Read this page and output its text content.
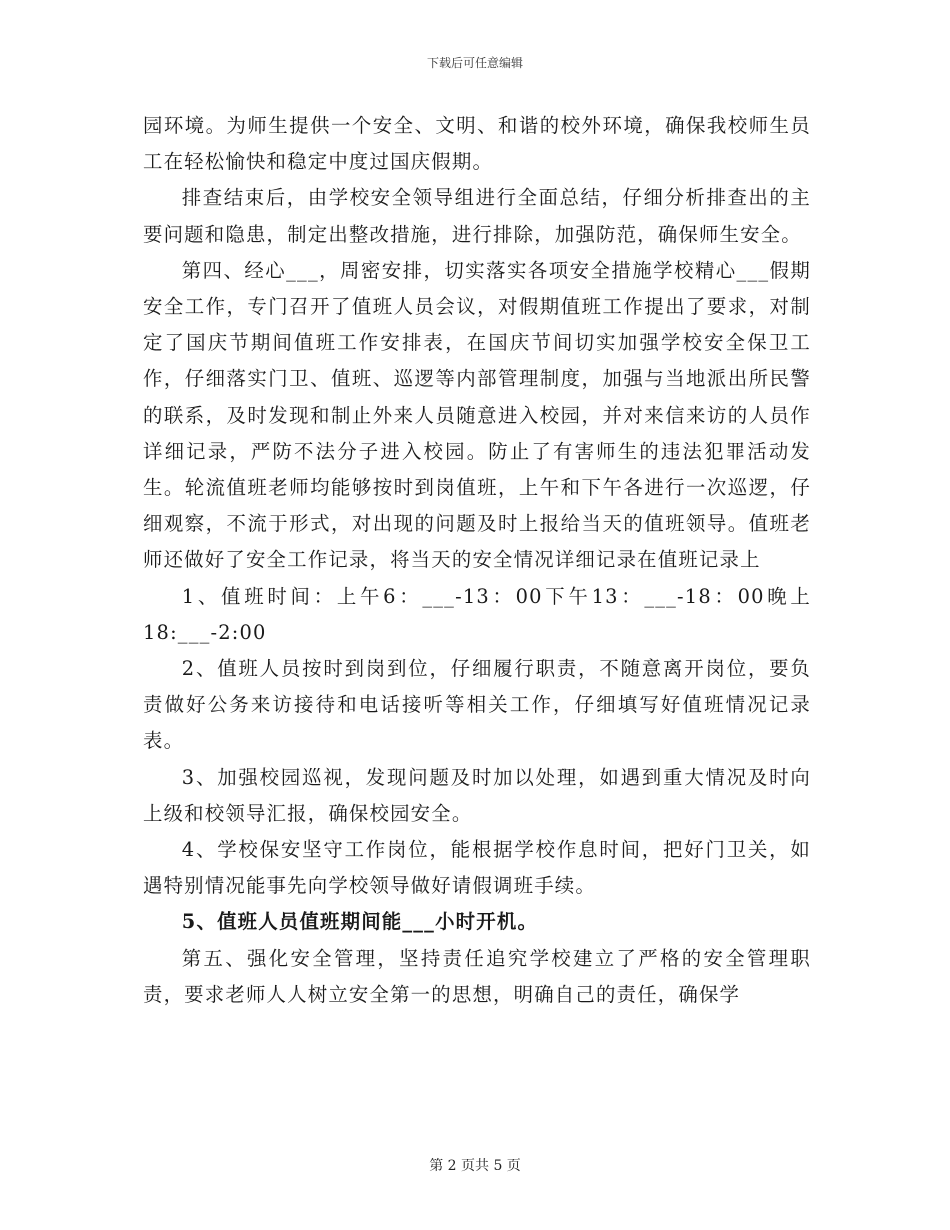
下载后可任意编辑

园环境。为师生提供一个安全、文明、和谐的校外环境，确保我校师生员工在轻松愉快和稳定中度过国庆假期。

排查结束后，由学校安全领导组进行全面总结，仔细分析排查出的主要问题和隐患，制定出整改措施，进行排除，加强防范，确保师生安全。

第四、经心___，周密安排，切实落实各项安全措施学校精心___假期安全工作，专门召开了值班人员会议，对假期值班工作提出了要求，对制定了国庆节期间值班工作安排表，在国庆节间切实加强学校安全保卫工作，仔细落实门卫、值班、巡逻等内部管理制度，加强与当地派出所民警的联系，及时发现和制止外来人员随意进入校园，并对来信来访的人员作详细记录，严防不法分子进入校园。防止了有害师生的违法犯罪活动发生。轮流值班老师均能够按时到岗值班，上午和下午各进行一次巡逻，仔细观察，不流于形式，对出现的问题及时上报给当天的值班领导。值班老师还做好了安全工作记录，将当天的安全情况详细记录在值班记录上

1、值班时间：上午6：___-13：00下午13：___-18：00晚上18:___-2:00

2、值班人员按时到岗到位，仔细履行职责，不随意离开岗位，要负责做好公务来访接待和电话接听等相关工作，仔细填写好值班情况记录表。

3、加强校园巡视，发现问题及时加以处理，如遇到重大情况及时向上级和校领导汇报，确保校园安全。

4、学校保安坚守工作岗位，能根据学校作息时间，把好门卫关，如遇特别情况能事先向学校领导做好请假调班手续。

5、值班人员值班期间能___小时开机。

第五、强化安全管理，坚持责任追究学校建立了严格的安全管理职责，要求老师人人树立安全第一的思想，明确自己的责任，确保学

第 2 页共 5 页
